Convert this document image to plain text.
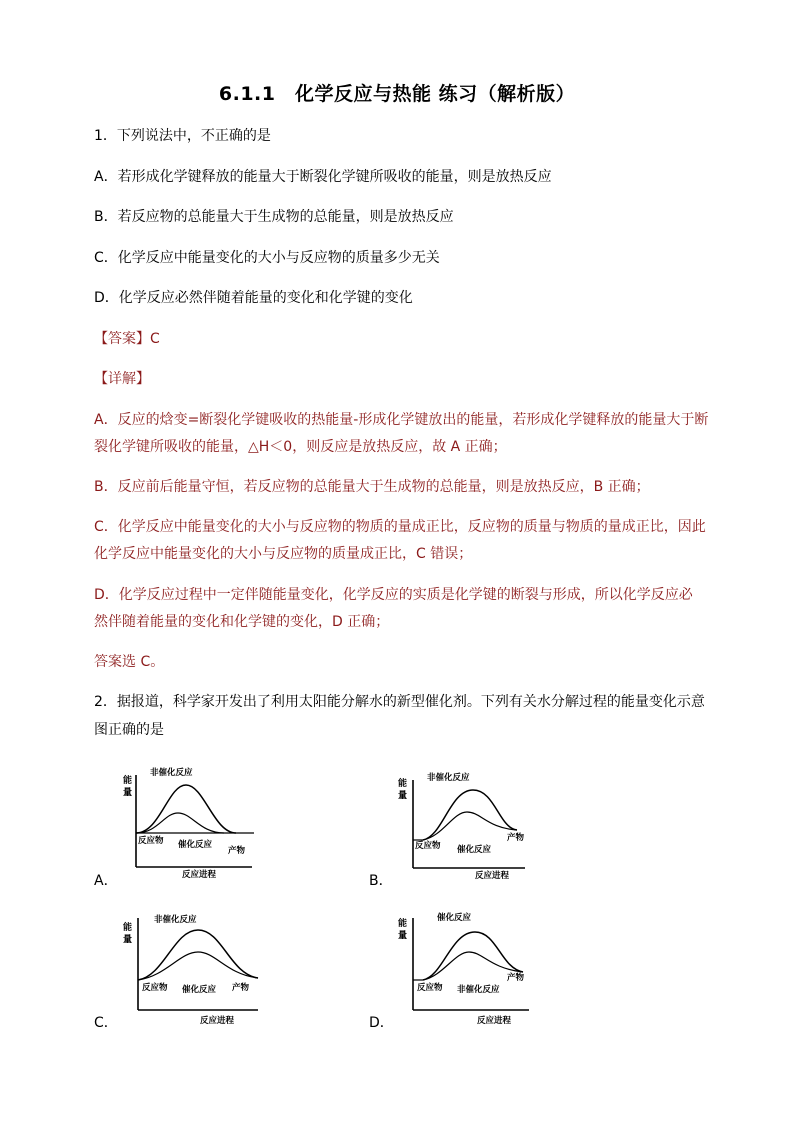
6.1.1　化学反应与热能 练习（解析版）
1．下列说法中，不正确的是
A．若形成化学键释放的能量大于断裂化学键所吸收的能量，则是放热反应
B．若反应物的总能量大于生成物的总能量，则是放热反应
C．化学反应中能量变化的大小与反应物的质量多少无关
D．化学反应必然伴随着能量的变化和化学键的变化
【答案】C
【详解】
A．反应的焓变=断裂化学键吸收的热能量-形成化学键放出的能量，若形成化学键释放的能量大于断
裂化学键所吸收的能量，△H＜0，则反应是放热反应，故 A 正确；
B．反应前后能量守恒，若反应物的总能量大于生成物的总能量，则是放热反应，B 正确；
C．化学反应中能量变化的大小与反应物的物质的量成正比，反应物的质量与物质的量成正比，因此
化学反应中能量变化的大小与反应物的质量成正比，C 错误；
D．化学反应过程中一定伴随能量变化，化学反应的实质是化学键的断裂与形成，所以化学反应必
然伴随着能量的变化和化学键的变化，D 正确；
答案选 C。
2．据报道，科学家开发出了利用太阳能分解水的新型催化剂。下列有关水分解过程的能量变化示意
图正确的是
能
量
非催化反应
反应物 催化反应
产物
反应进程
A．
能
量
非催化反应
反应物 催化反应
产物
反应进程
B．
能
量
非催化反应
反应物 催化反应 产物
反应进程
C．
能
量
催化反应
反应物 非催化反应
产物
反应进程
D．
